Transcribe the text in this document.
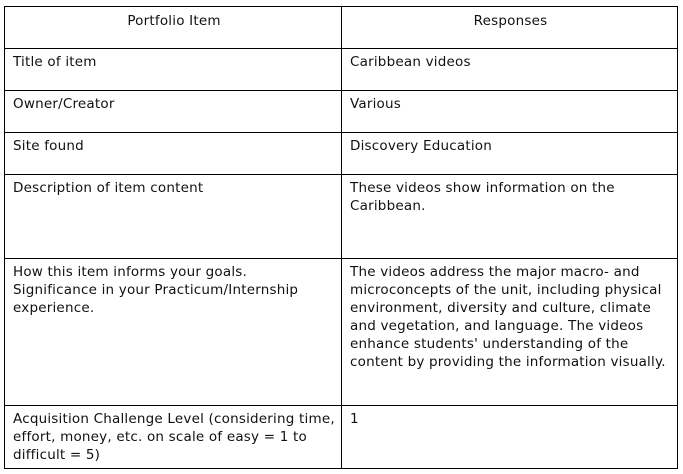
Portfolio Item	Responses
Title of item	Caribbean videos
Owner/Creator	Various
Site found	Discovery Education
Description of item content	These videos show information on the Caribbean.
How this item informs your goals. Significance in your Practicum/Internship experience.	The videos address the major macro- and microconcepts of the unit, including physical environment, diversity and culture, climate and vegetation, and language. The videos enhance students' understanding of the content by providing the information visually.
Acquisition Challenge Level (considering time, effort, money, etc. on scale of easy = 1 to difficult = 5)	1
